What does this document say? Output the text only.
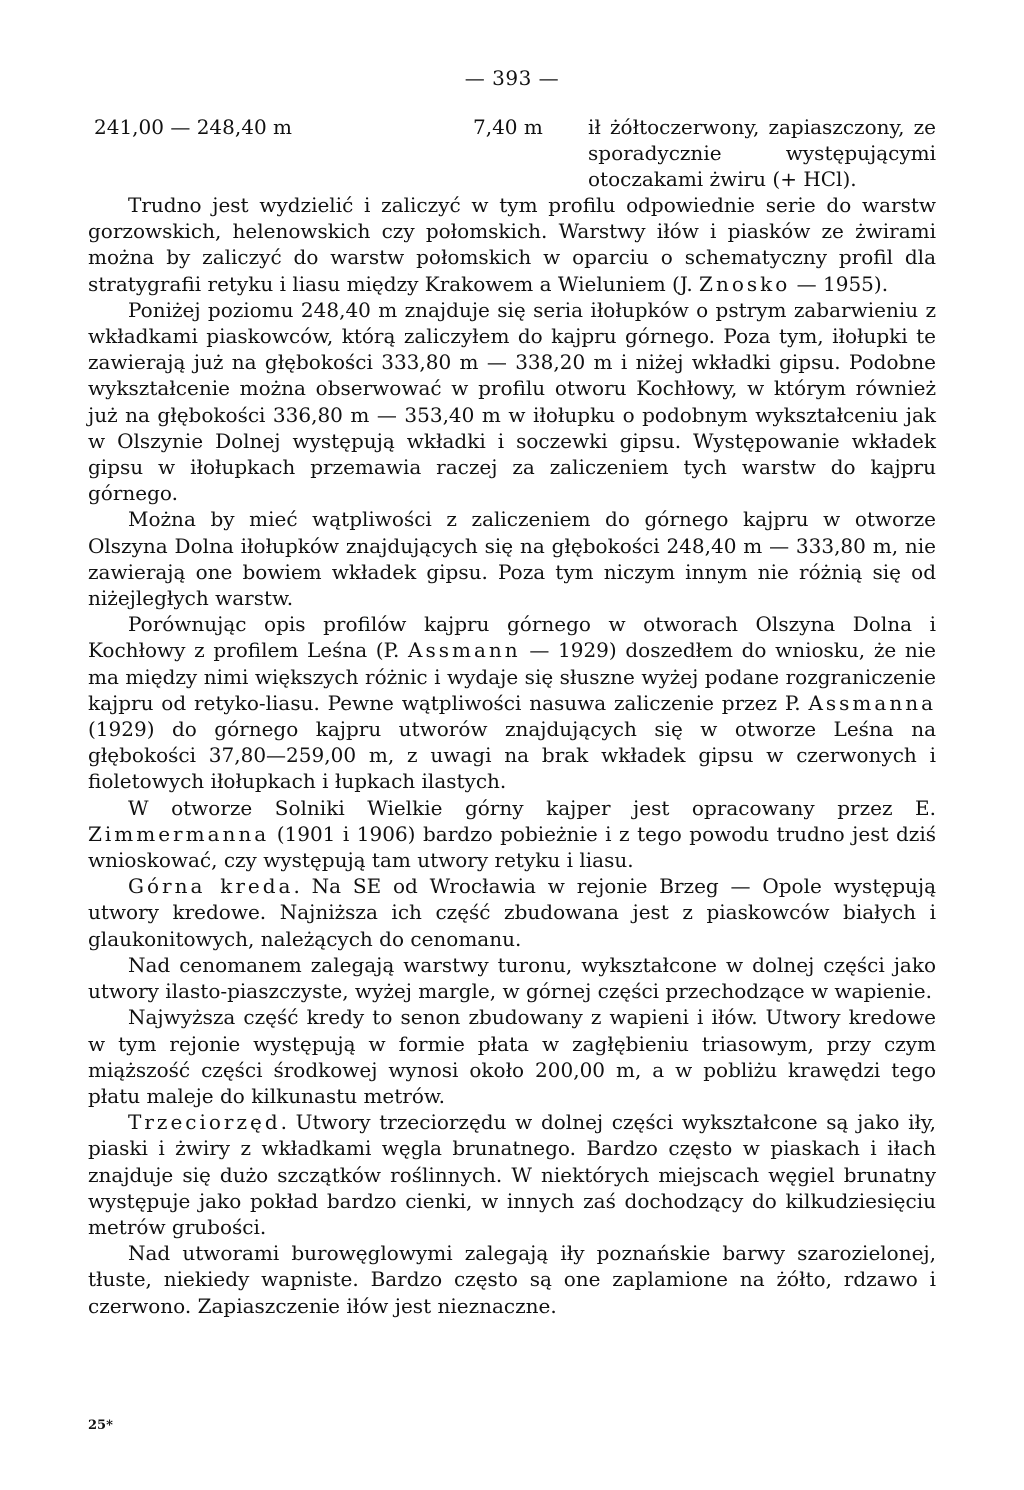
— 393 —
241,00 — 248,40 m	7,40 m	ił żółtoczerwony, zapiaszczony, ze sporadycznie występującymi otoczakami żwiru (+ HCl).

Trudno jest wydzielić i zaliczyć w tym profilu odpowiednie serie do warstw gorzowskich, helenowskich czy połomskich. Warstwy iłów i piasków ze żwirami można by zaliczyć do warstw połomskich w oparciu o schematyczny profil dla stratygrafii retyku i liasu między Krakowem a Wieluniem (J. Znosko — 1955).

Poniżej poziomu 248,40 m znajduje się seria iłołupków o pstrym zabarwieniu z wkładkami piaskowców, którą zaliczyłem do kajpru górnego. Poza tym, iłołupki te zawierają już na głębokości 333,80 m — 338,20 m i niżej wkładki gipsu. Podobne wykształcenie można obserwować w profilu otworu Kochłowy, w którym również już na głębokości 336,80 m — 353,40 m w iłołupku o podobnym wykształceniu jak w Olszynie Dolnej występują wkładki i soczewki gipsu. Występowanie wkładek gipsu w iłołupkach przemawia raczej za zaliczeniem tych warstw do kajpru górnego.

Można by mieć wątpliwości z zaliczeniem do górnego kajpru w otworze Olszyna Dolna iłołupków znajdujących się na głębokości 248,40 m — 333,80 m, nie zawierają one bowiem wkładek gipsu. Poza tym niczym innym nie różnią się od niżejległych warstw.

Porównując opis profilów kajpru górnego w otworach Olszyna Dolna i Kochłowy z profilem Leśna (P. Assmann — 1929) doszedłem do wniosku, że nie ma między nimi większych różnic i wydaje się słuszne wyżej podane rozgraniczenie kajpru od retyko-liasu. Pewne wątpliwości nasuwa zaliczenie przez P. Assmanna (1929) do górnego kajpru utworów znajdujących się w otworze Leśna na głębokości 37,80—259,00 m, z uwagi na brak wkładek gipsu w czerwonych i fioletowych iłołupkach i łupkach ilastych.

W otworze Solniki Wielkie górny kajper jest opracowany przez E. Zimmermanna (1901 i 1906) bardzo pobieżnie i z tego powodu trudno jest dziś wnioskować, czy występują tam utwory retyku i liasu.

Górna kreda. Na SE od Wrocławia w rejonie Brzeg — Opole występują utwory kredowe. Najniższa ich część zbudowana jest z piaskowców białych i glaukonitowych, należących do cenomanu.

Nad cenomanem zalegają warstwy turonu, wykształcone w dolnej części jako utwory ilasto-piaszczyste, wyżej margle, w górnej części przechodzące w wapienie.

Najwyższa część kredy to senon zbudowany z wapieni i iłów. Utwory kredowe w tym rejonie występują w formie płata w zagłębieniu triasowym, przy czym miąższość części środkowej wynosi około 200,00 m, a w pobliżu krawędzi tego płatu maleje do kilkunastu metrów.

Trzeciorzęd. Utwory trzeciorzędu w dolnej części wykształcone są jako iły, piaski i żwiry z wkładkami węgla brunatnego. Bardzo często w piaskach i iłach znajduje się dużo szczątków roślinnych. W niektórych miejscach węgiel brunatny występuje jako pokład bardzo cienki, w innych zaś dochodzący do kilkudziesięciu metrów grubości.

Nad utworami burowęglowymi zalegają iły poznańskie barwy szarozielonej, tłuste, niekiedy wapniste. Bardzo często są one zaplamione na żółto, rdzawo i czerwono. Zapiaszczenie iłów jest nieznaczne.

25*
